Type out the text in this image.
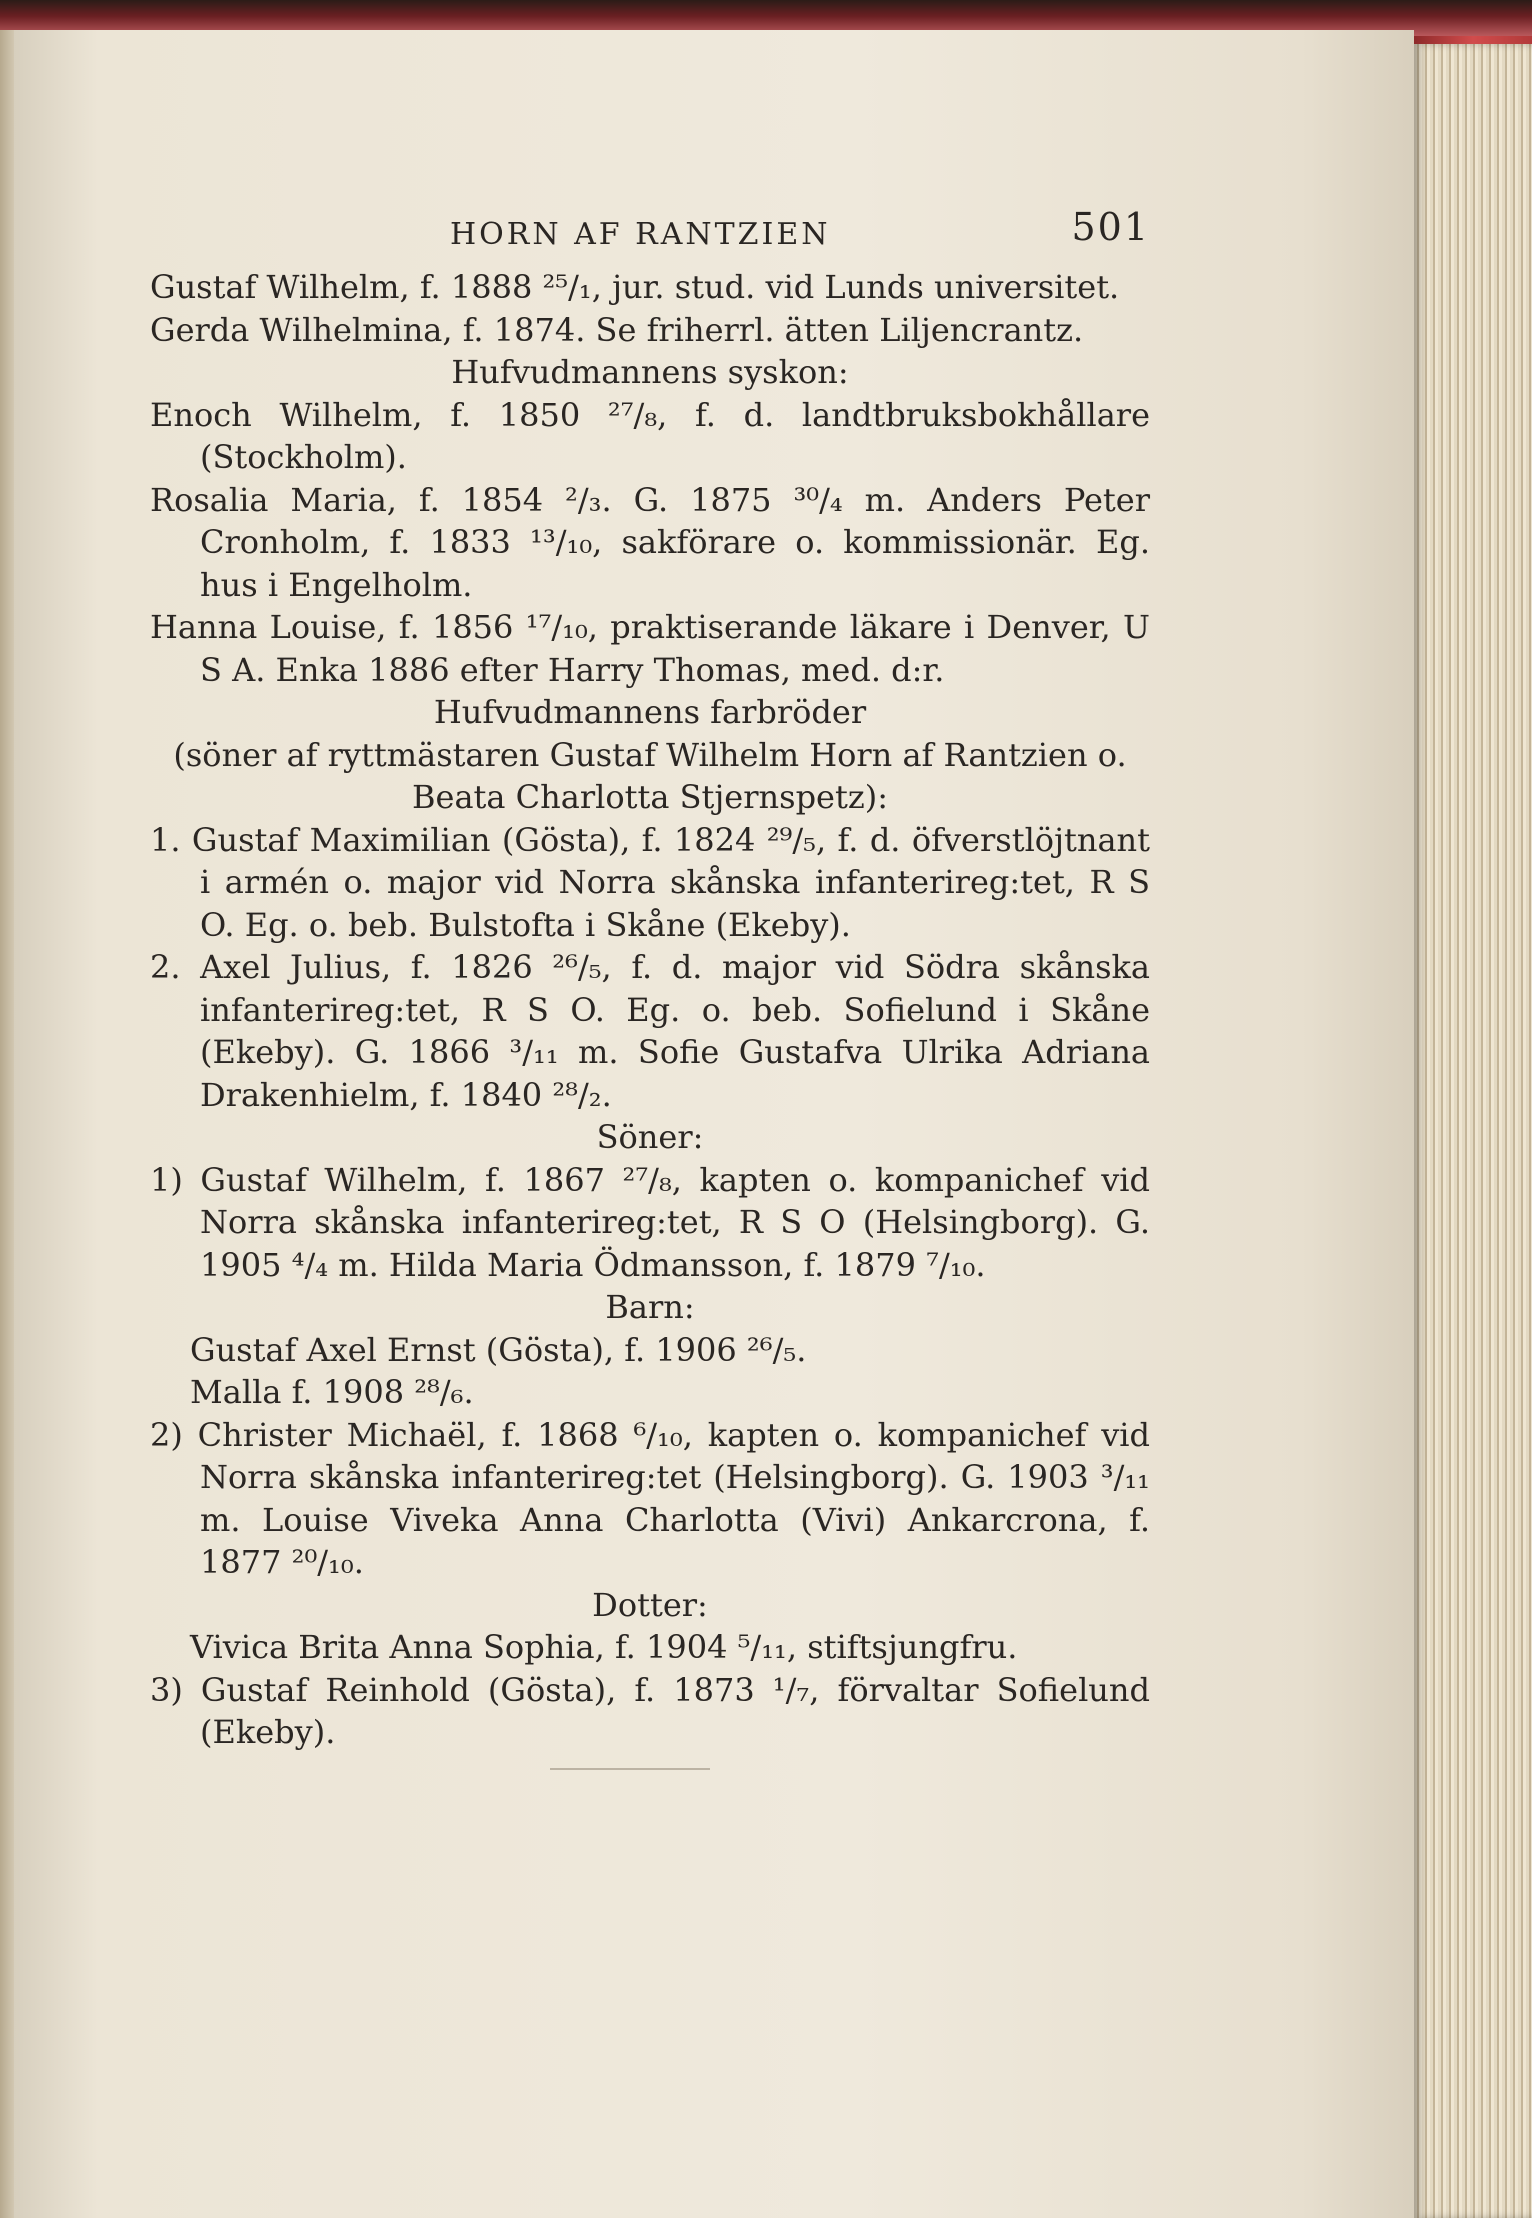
HORN AF RANTZIEN	501

Gustaf Wilhelm, f. 1888 ²⁵/₁, jur. stud. vid Lunds universitet.

Gerda Wilhelmina, f. 1874. Se friherrl. ätten Liljencrantz.

Hufvudmannens syskon:

Enoch Wilhelm, f. 1850 ²⁷/₈, f. d. landtbruksbokhållare (Stockholm).

Rosalia Maria, f. 1854 ²/₃. G. 1875 ³⁰/₄ m. Anders Peter Cronholm, f. 1833 ¹³/₁₀, sakförare o. kommissionär. Eg. hus i Engelholm.

Hanna Louise, f. 1856 ¹⁷/₁₀, praktiserande läkare i Denver, U S A. Enka 1886 efter Harry Thomas, med. d:r.

Hufvudmannens farbröder

(söner af ryttmästaren Gustaf Wilhelm Horn af Rantzien o. Beata Charlotta Stjernspetz):

1. Gustaf Maximilian (Gösta), f. 1824 ²⁹/₅, f. d. öfverstlöjtnant i armén o. major vid Norra skånska infanterireg:tet, R S O. Eg. o. beb. Bulstofta i Skåne (Ekeby).

2. Axel Julius, f. 1826 ²⁶/₅, f. d. major vid Södra skånska infanterireg:tet, R S O. Eg. o. beb. Sofielund i Skåne (Ekeby). G. 1866 ³/₁₁ m. Sofie Gustafva Ulrika Adriana Drakenhielm, f. 1840 ²⁸/₂.

Söner:

1) Gustaf Wilhelm, f. 1867 ²⁷/₈, kapten o. kompanichef vid Norra skånska infanterireg:tet, R S O (Helsingborg). G. 1905 ⁴/₄ m. Hilda Maria Ödmansson, f. 1879 ⁷/₁₀.

Barn:

Gustaf Axel Ernst (Gösta), f. 1906 ²⁶/₅.

Malla f. 1908 ²⁸/₆.

2) Christer Michaël, f. 1868 ⁶/₁₀, kapten o. kompanichef vid Norra skånska infanterireg:tet (Helsingborg). G. 1903 ³/₁₁ m. Louise Viveka Anna Charlotta (Vivi) Ankarcrona, f. 1877 ²⁰/₁₀.

Dotter:

Vivica Brita Anna Sophia, f. 1904 ⁵/₁₁, stiftsjungfru.

3) Gustaf Reinhold (Gösta), f. 1873 ¹/₇, förvaltar Sofielund (Ekeby).
